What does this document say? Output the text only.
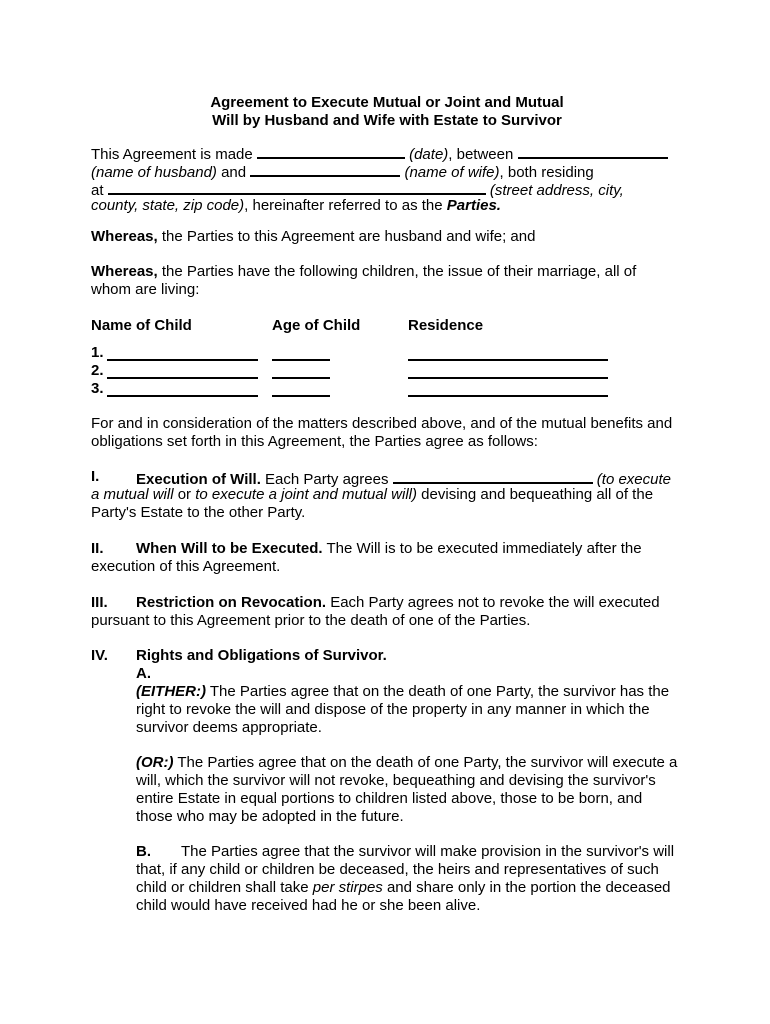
Agreement to Execute Mutual or Joint and Mutual
Will by Husband and Wife with Estate to Survivor
This Agreement is made	(date), between
(name of husband) and	(name of wife), both residing
at	(street address, city,
county, state, zip code), hereinafter referred to as the Parties.
Whereas, the Parties to this Agreement are husband and wife; and
Whereas, the Parties have the following children, the issue of their marriage, all of
whom are living:
Name of Child	Age of Child	Residence
1.
2.
3.
For and in consideration of the matters described above, and of the mutual benefits and
obligations set forth in this Agreement, the Parties agree as follows:
I. Execution of Will. Each Party agrees	(to execute
a mutual will or to execute a joint and mutual will) devising and bequeathing all of the
Party's Estate to the other Party.
II. When Will to be Executed. The Will is to be executed immediately after the
execution of this Agreement.
III. Restriction on Revocation. Each Party agrees not to revoke the will executed
pursuant to this Agreement prior to the death of one of the Parties.
IV. Rights and Obligations of Survivor.
A.
(EITHER:) The Parties agree that on the death of one Party, the survivor has the
right to revoke the will and dispose of the property in any manner in which the
survivor deems appropriate.
(OR:) The Parties agree that on the death of one Party, the survivor will execute a
will, which the survivor will not revoke, bequeathing and devising the survivor's
entire Estate in equal portions to children listed above, those to be born, and
those who may be adopted in the future.
B. The Parties agree that the survivor will make provision in the survivor's will
that, if any child or children be deceased, the heirs and representatives of such
child or children shall take per stirpes and share only in the portion the deceased
child would have received had he or she been alive.
